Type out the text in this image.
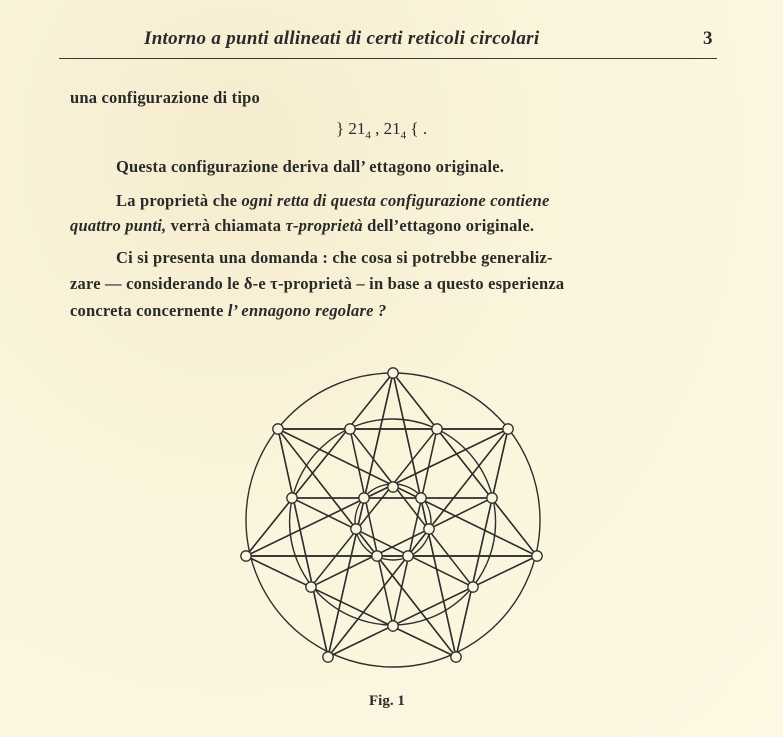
Intorno a punti allineati di certi reticoli circolari	3
una configurazione di tipo
} $21_4$ , $21_4$ { .
Questa configurazione deriva dall’ ettagono originale.
La proprietà che ogni retta di questa configurazione contiene
quattro punti, verrà chiamata τ-proprietà dell’ettagono originale.
Ci si presenta una domanda : che cosa si potrebbe generaliz-
zare — considerando le δ-e τ-proprietà – in base a questo esperienza
concreta concernente l’ ennagono regolare ?
Fig. 1
